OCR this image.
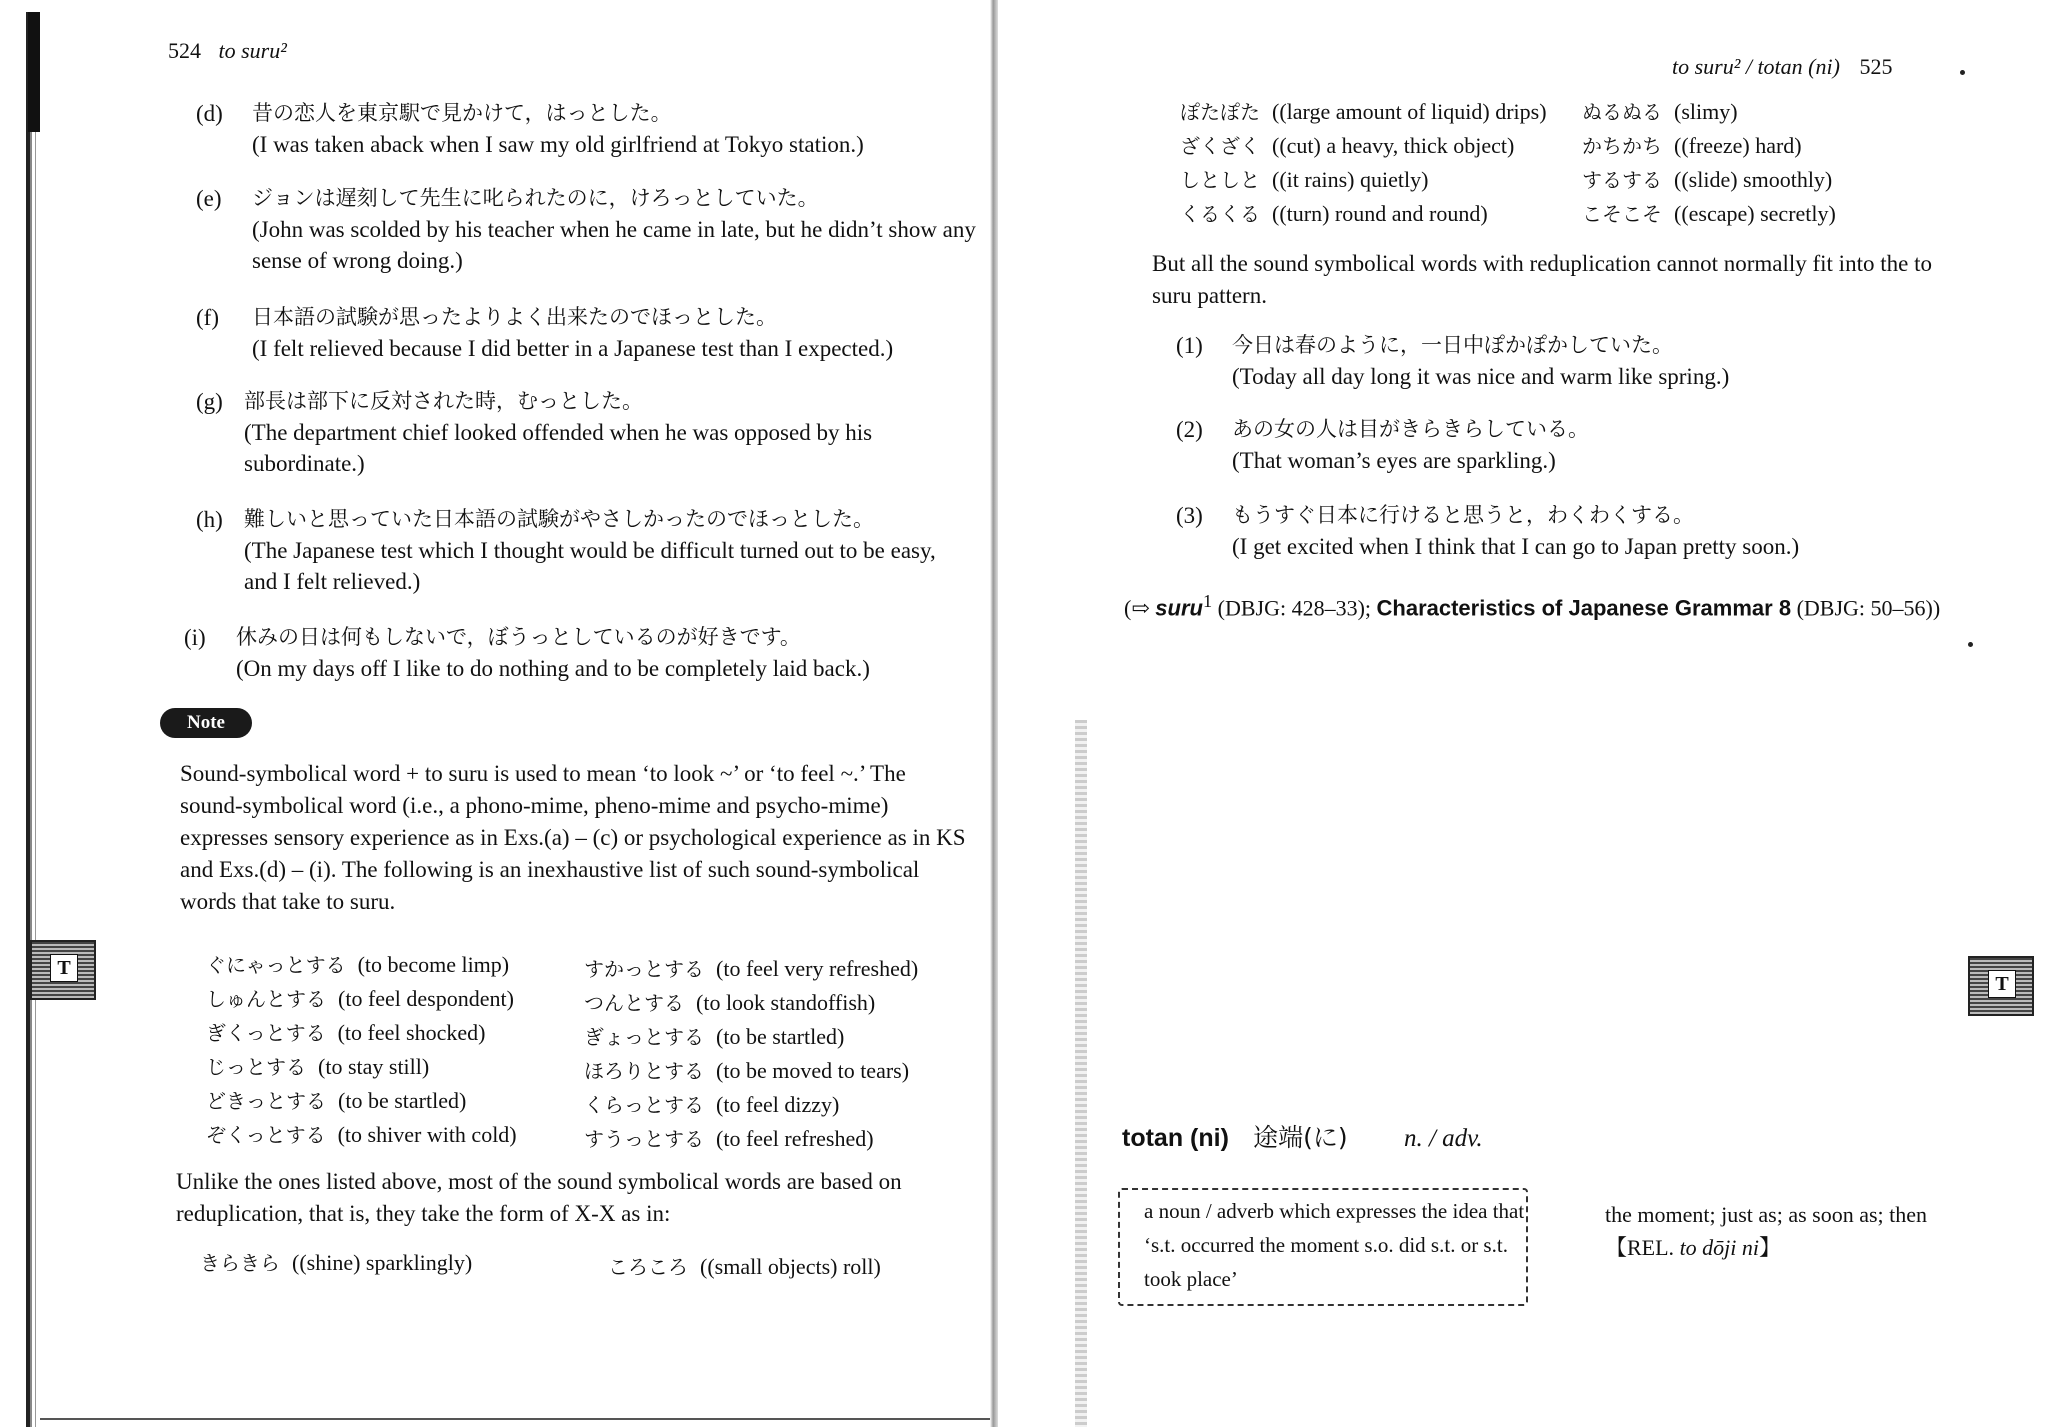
524 to suru²
(d) 昔の恋人を東京駅で見かけて，はっとした。
(I was taken aback when I saw my old girlfriend at Tokyo station.)
(e) ジョンは遅刻して先生に叱られたのに，けろっとしていた。
(John was scolded by his teacher when he came in late, but he didn’t show any sense of wrong doing.)
(f) 日本語の試験が思ったよりよく出来たのでほっとした。
(I felt relieved because I did better in a Japanese test than I expected.)
(g) 部長は部下に反対された時，むっとした。
(The department chief looked offended when he was opposed by his subordinate.)
(h) 難しいと思っていた日本語の試験がやさしかったのでほっとした。
(The Japanese test which I thought would be difficult turned out to be easy, and I felt relieved.)
(i) 休みの日は何もしないで，ぼうっとしているのが好きです。
(On my days off I like to do nothing and to be completely laid back.)
Note
Sound-symbolical word + to suru is used to mean ‘to look ~’ or ‘to feel ~.’ The sound-symbolical word (i.e., a phono-mime, pheno-mime and psycho-mime) expresses sensory experience as in Exs.(a) – (c) or psychological experience as in KS and Exs.(d) – (i). The following is an inexhaustive list of such sound-symbolical words that take to suru.
ぐにゃっとする (to become limp)
しゅんとする (to feel despondent)
ぎくっとする (to feel shocked)
じっとする (to stay still)
どきっとする (to be startled)
ぞくっとする (to shiver with cold)
すかっとする (to feel very refreshed)
つんとする (to look standoffish)
ぎょっとする (to be startled)
ほろりとする (to be moved to tears)
くらっとする (to feel dizzy)
すうっとする (to feel refreshed)
Unlike the ones listed above, most of the sound symbolical words are based on reduplication, that is, they take the form of X-X as in:
きらきら ((shine) sparklingly)	ころころ ((small objects) roll)
T
to suru² / totan (ni) 525
ぽたぽた ((large amount of liquid) drips)
ざくざく ((cut) a heavy, thick object)
しとしと ((it rains) quietly)
くるくる ((turn) round and round)
ぬるぬる (slimy)
かちかち ((freeze) hard)
するする ((slide) smoothly)
こそこそ ((escape) secretly)
But all the sound symbolical words with reduplication cannot normally fit into the to suru pattern.
(1) 今日は春のように，一日中ぽかぽかしていた。
(Today all day long it was nice and warm like spring.)
(2) あの女の人は目がきらきらしている。
(That woman’s eyes are sparkling.)
(3) もうすぐ日本に行けると思うと，わくわくする。
(I get excited when I think that I can go to Japan pretty soon.)
(⇨ suru$^1$ (DBJG: 428–33); Characteristics of Japanese Grammar 8 (DBJG: 50–56))
totan (ni) 途端(に) n. / adv.
a noun / adverb which expresses the idea that ‘s.t. occurred the moment s.o. did s.t. or s.t. took place’
the moment; just as; as soon as; then
【REL. to dōji ni】
T
